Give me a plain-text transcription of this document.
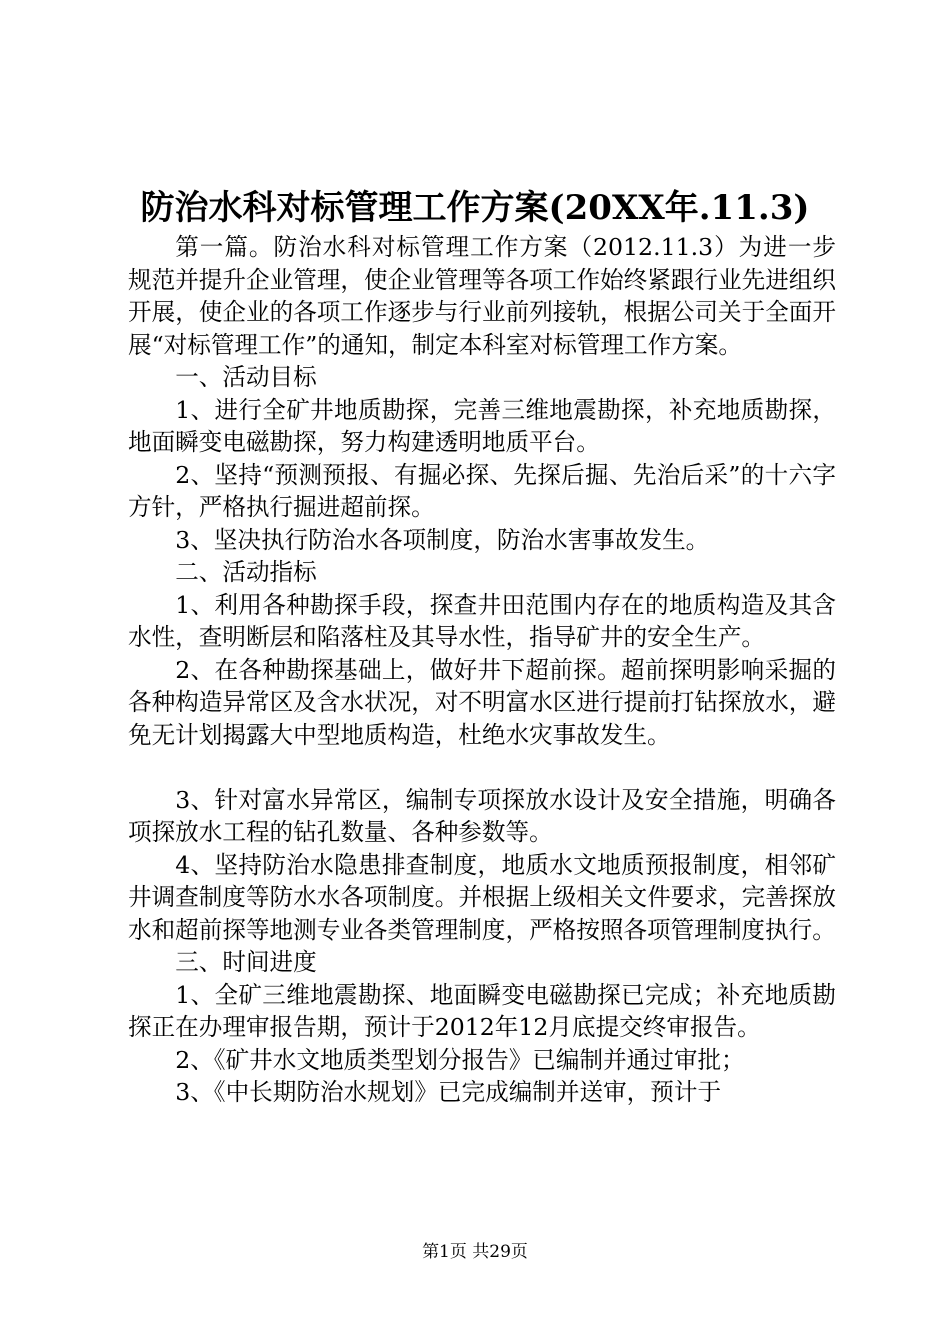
防治水科对标管理工作方案(20XX年.11.3)

第一篇。防治水科对标管理工作方案（2012.11.3）为进一步规范并提升企业管理，使企业管理等各项工作始终紧跟行业先进组织开展，使企业的各项工作逐步与行业前列接轨，根据公司关于全面开展“对标管理工作”的通知，制定本科室对标管理工作方案。

一、活动目标

1、进行全矿井地质勘探，完善三维地震勘探，补充地质勘探，地面瞬变电磁勘探，努力构建透明地质平台。

2、坚持“预测预报、有掘必探、先探后掘、先治后采”的十六字方针，严格执行掘进超前探。

3、坚决执行防治水各项制度，防治水害事故发生。

二、活动指标

1、利用各种勘探手段，探查井田范围内存在的地质构造及其含水性，查明断层和陷落柱及其导水性，指导矿井的安全生产。

2、在各种勘探基础上，做好井下超前探。超前探明影响采掘的各种构造异常区及含水状况，对不明富水区进行提前打钻探放水，避免无计划揭露大中型地质构造，杜绝水灾事故发生。

3、针对富水异常区，编制专项探放水设计及安全措施，明确各项探放水工程的钻孔数量、各种参数等。

4、坚持防治水隐患排查制度，地质水文地质预报制度，相邻矿井调查制度等防水水各项制度。并根据上级相关文件要求，完善探放水和超前探等地测专业各类管理制度，严格按照各项管理制度执行。

三、时间进度

1、全矿三维地震勘探、地面瞬变电磁勘探已完成；补充地质勘探正在办理审报告期，预计于2012年12月底提交终审报告。

2、《矿井水文地质类型划分报告》已编制并通过审批；

3、《中长期防治水规划》已完成编制并送审，预计于

第1页 共29页
